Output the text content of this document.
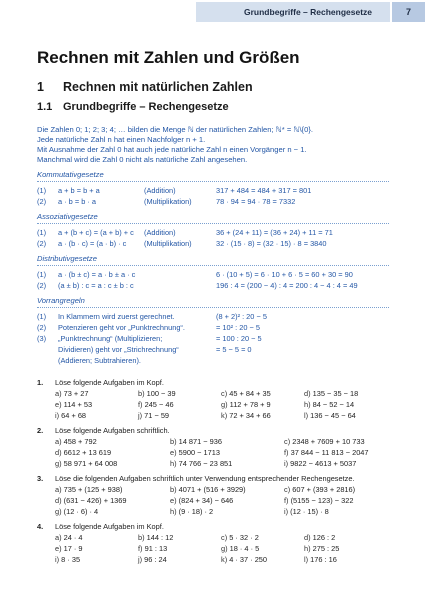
Grundbegriffe – Rechengesetze	7
Rechnen mit Zahlen und Größen
1 Rechnen mit natürlichen Zahlen
1.1 Grundbegriffe – Rechengesetze
Die Zahlen 0; 1; 2; 3; 4; … bilden die Menge ℕ der natürlichen Zahlen; ℕ* = ℕ\{0}.
Jede natürliche Zahl n hat einen Nachfolger n + 1.
Mit Ausnahme der Zahl 0 hat auch jede natürliche Zahl n einen Vorgänger n − 1.
Manchmal wird die Zahl 0 nicht als natürliche Zahl angesehen.
Kommutativgesetze
(1) a + b = b + a	(Addition)	317 + 484 = 484 + 317 = 801
(2) a · b = b · a	(Multiplikation)	78 · 94 = 94 · 78 = 7332
Assoziativgesetze
(1) a + (b + c) = (a + b) + c (Addition)	36 + (24 + 11) = (36 + 24) + 11 = 71
(2) a · (b · c) = (a · b) · c (Multiplikation)	32 · (15 · 8) = (32 · 15) · 8 = 3840
Distributivgesetze
(1) a · (b ± c) = a · b ± a · c	6 · (10 + 5) = 6 · 10 + 6 · 5 = 60 + 30 = 90
(2) (a ± b) : c = a : c ± b : c	196 : 4 = (200 − 4) : 4 = 200 : 4 − 4 : 4 = 49
Vorrangregeln
(1) In Klammern wird zuerst gerechnet.	(8 + 2)² : 20 − 5
(2) Potenzieren geht vor „Punktrechnung“.	= 10² : 20 − 5
(3) „Punktrechnung“ (Multiplizieren;	= 100 : 20 − 5
Dividieren) geht vor „Strichrechnung“	= 5 − 5 = 0
(Addieren; Subtrahieren).
1. Löse folgende Aufgaben im Kopf.
a) 73 + 27	b) 100 − 39	c) 45 + 84 + 35	d) 135 − 35 − 18
e) 114 + 53	f) 245 − 46	g) 112 + 78 + 9	h) 84 − 52 − 14
i) 64 + 68	j) 71 − 59	k) 72 + 34 + 66	l) 136 − 45 − 64
2. Löse folgende Aufgaben schriftlich.
a) 458 + 792	b) 14 871 − 936	c) 2348 + 7609 + 10 733
d) 6612 + 13 619	e) 5900 − 1713	f) 37 844 − 11 813 − 2047
g) 58 971 + 64 008	h) 74 766 − 23 851	i) 9822 − 4613 + 5037
3. Löse die folgenden Aufgaben schriftlich unter Verwendung entsprechender Rechengesetze.
a) 735 + (125 + 938)	b) 4071 + (516 + 3929)	c) 607 + (393 + 2816)
d) (631 − 426) + 1369	e) (824 + 34) − 646	f) (5155 − 123) − 322
g) (12 · 6) · 4	h) (9 · 18) · 2	i) (12 · 15) · 8
4. Löse folgende Aufgaben im Kopf.
a) 24 · 4	b) 144 : 12	c) 5 · 32 · 2	d) 126 : 2
e) 17 · 9	f) 91 : 13	g) 18 · 4 · 5	h) 275 : 25
i) 8 · 35	j) 96 : 24	k) 4 · 37 · 250	l) 176 : 16
